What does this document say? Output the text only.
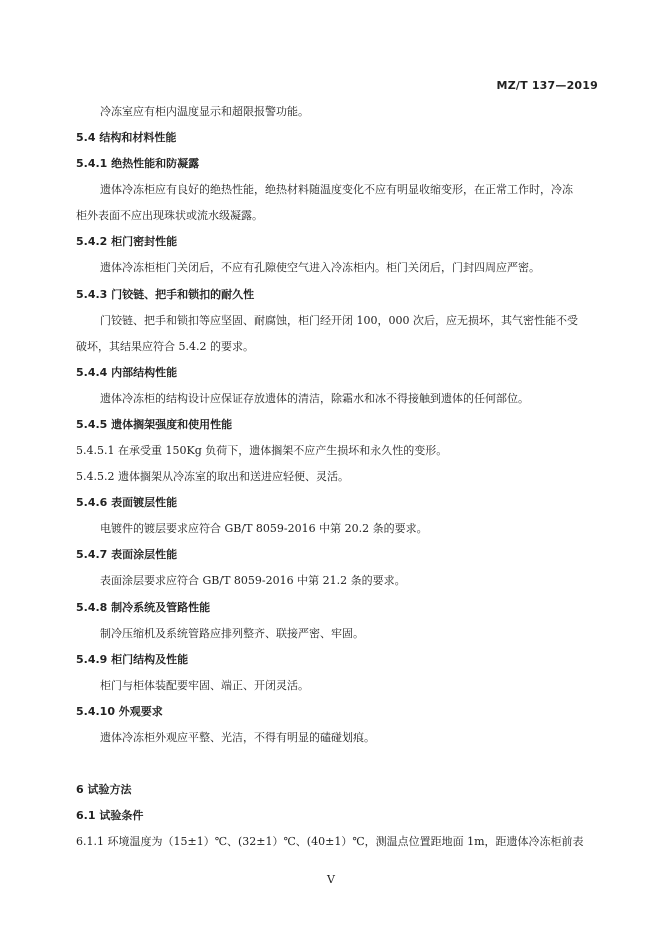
MZ/T 137—2019
冷冻室应有柜内温度显示和超限报警功能。
5.4 结构和材料性能
5.4.1 绝热性能和防凝露
遗体冷冻柜应有良好的绝热性能，绝热材料随温度变化不应有明显收缩变形，在正常工作时，冷冻
柜外表面不应出现珠状或流水级凝露。
5.4.2 柜门密封性能
遗体冷冻柜柜门关闭后，不应有孔隙使空气进入冷冻柜内。柜门关闭后，门封四周应严密。
5.4.3 门铰链、把手和锁扣的耐久性
门铰链、把手和锁扣等应坚固、耐腐蚀，柜门经开闭 100，000 次后，应无损坏，其气密性能不受
破坏，其结果应符合 5.4.2 的要求。
5.4.4 内部结构性能
遗体冷冻柜的结构设计应保证存放遗体的清洁，除霜水和冰不得接触到遗体的任何部位。
5.4.5 遗体搁架强度和使用性能
5.4.5.1 在承受重 150Kg 负荷下，遗体搁架不应产生损坏和永久性的变形。
5.4.5.2 遗体搁架从冷冻室的取出和送进应轻便、灵活。
5.4.6 表面镀层性能
电镀件的镀层要求应符合 GB/T 8059-2016 中第 20.2 条的要求。
5.4.7 表面涂层性能
表面涂层要求应符合 GB/T 8059-2016 中第 21.2 条的要求。
5.4.8 制冷系统及管路性能
制冷压缩机及系统管路应排列整齐、联接严密、牢固。
5.4.9 柜门结构及性能
柜门与柜体装配要牢固、端正、开闭灵活。
5.4.10 外观要求
遗体冷冻柜外观应平整、光洁，不得有明显的磕碰划痕。
6 试验方法
6.1 试验条件
6.1.1 环境温度为（15±1）℃、(32±1）℃、(40±1）℃，测温点位置距地面 1m，距遗体冷冻柜前表
V
